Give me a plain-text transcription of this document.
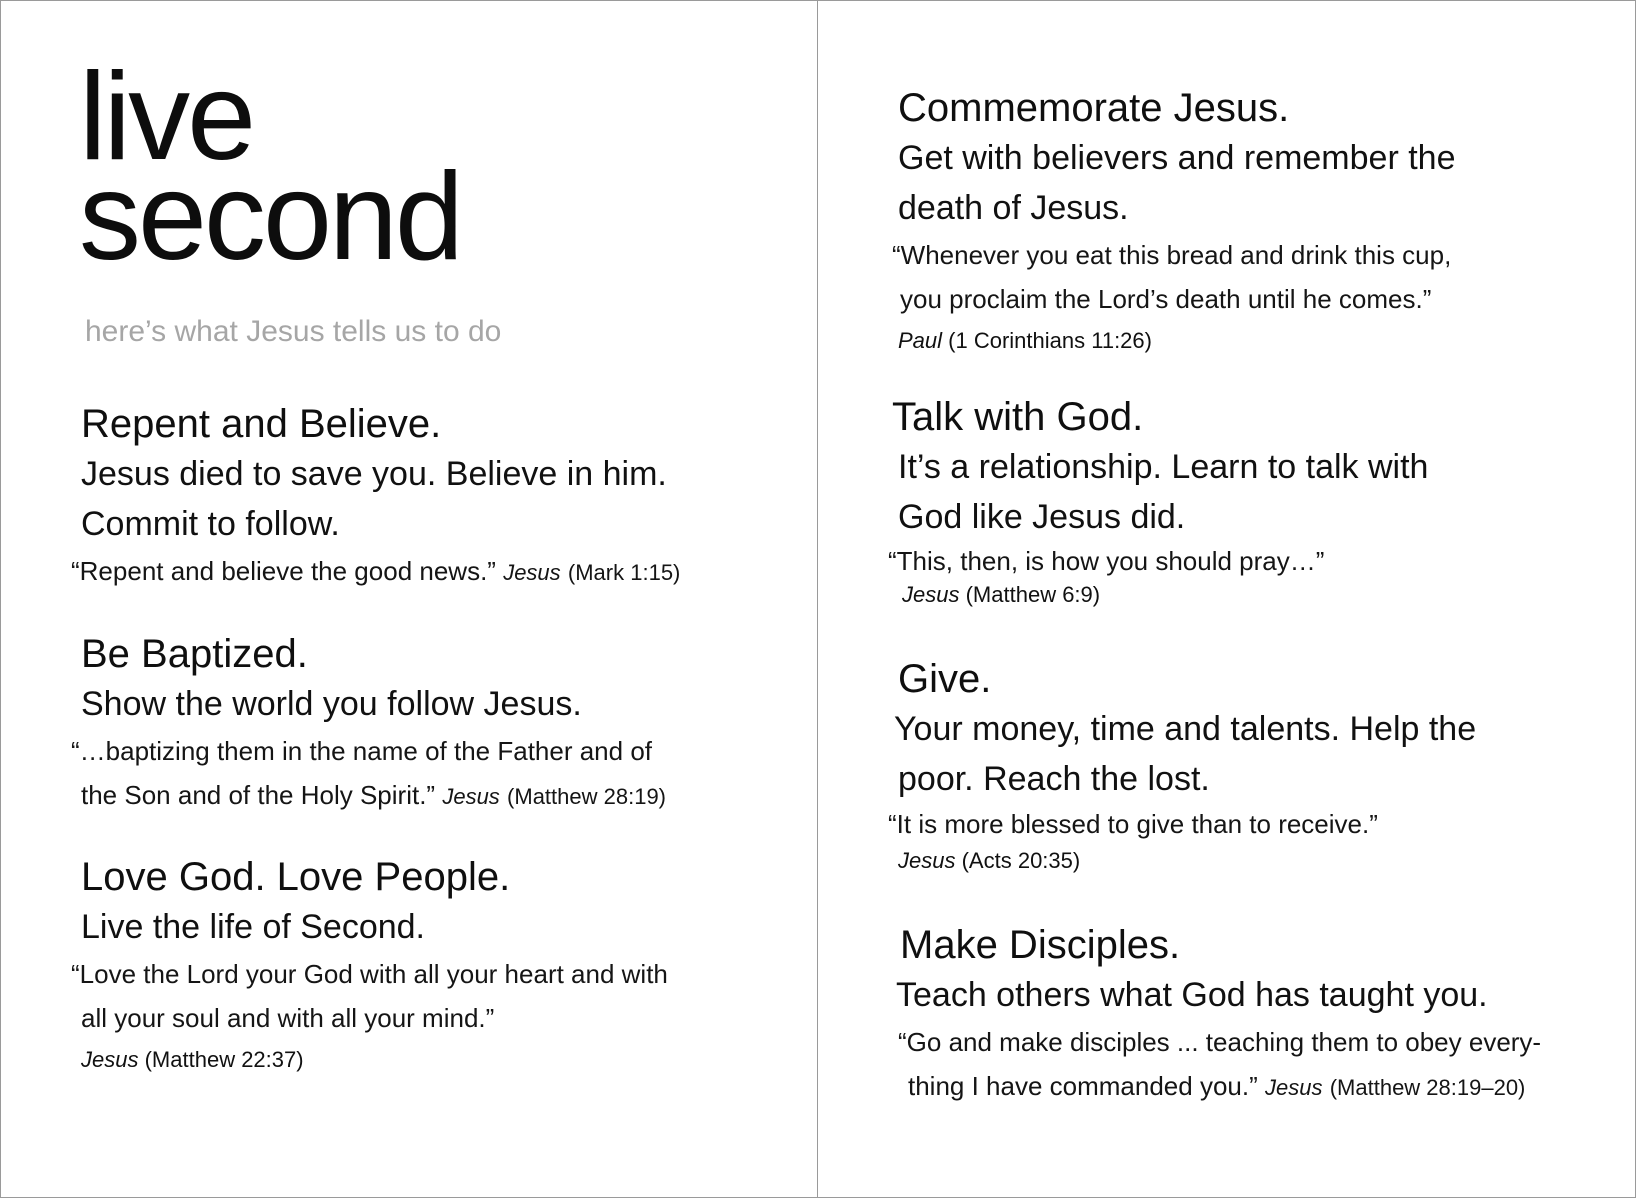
live
second

here’s what Jesus tells us to do

Repent and Believe.

Jesus died to save you. Believe in him.
Commit to follow.

“Repent and believe the good news.” Jesus (Mark 1:15)

Be Baptized.

Show the world you follow Jesus.

“…baptizing them in the name of the Father and of
the Son and of the Holy Spirit.” Jesus (Matthew 28:19)

Love God. Love People.

Live the life of Second.

“Love the Lord your God with all your heart and with
all your soul and with all your mind.”

Jesus (Matthew 22:37)

Commemorate Jesus.

Get with believers and remember the
death of Jesus.

“Whenever you eat this bread and drink this cup,
you proclaim the Lord’s death until he comes.”

Paul (1 Corinthians 11:26)

Talk with God.

It’s a relationship. Learn to talk with
God like Jesus did.

“This, then, is how you should pray…”

Jesus (Matthew 6:9)

Give.

Your money, time and talents. Help the
poor. Reach the lost.

“It is more blessed to give than to receive.”

Jesus (Acts 20:35)

Make Disciples.

Teach others what God has taught you.

“Go and make disciples ... teaching them to obey every-
thing I have commanded you.” Jesus (Matthew 28:19–20)
